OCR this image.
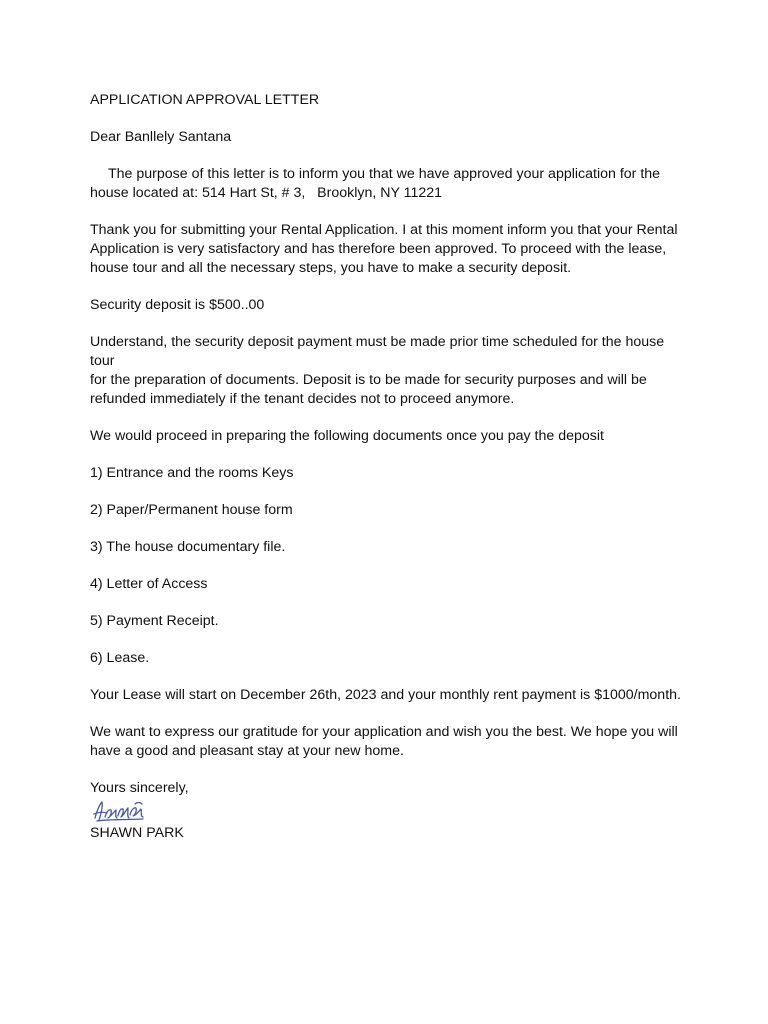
APPLICATION APPROVAL LETTER

Dear Banllely Santana

The purpose of this letter is to inform you that we have approved your application for the
house located at: 514 Hart St, # 3,   Brooklyn, NY 11221

Thank you for submitting your Rental Application. I at this moment inform you that your Rental
Application is very satisfactory and has therefore been approved. To proceed with the lease,
house tour and all the necessary steps, you have to make a security deposit.

Security deposit is $500..00

Understand, the security deposit payment must be made prior time scheduled for the house tour
for the preparation of documents. Deposit is to be made for security purposes and will be
refunded immediately if the tenant decides not to proceed anymore.

We would proceed in preparing the following documents once you pay the deposit

1) Entrance and the rooms Keys

2) Paper/Permanent house form

3) The house documentary file.

4) Letter of Access

5) Payment Receipt.

6) Lease.

Your Lease will start on December 26th, 2023 and your monthly rent payment is $1000/month.

We want to express our gratitude for your application and wish you the best. We hope you will
have a good and pleasant stay at your new home.

Yours sincerely,

SHAWN PARK
